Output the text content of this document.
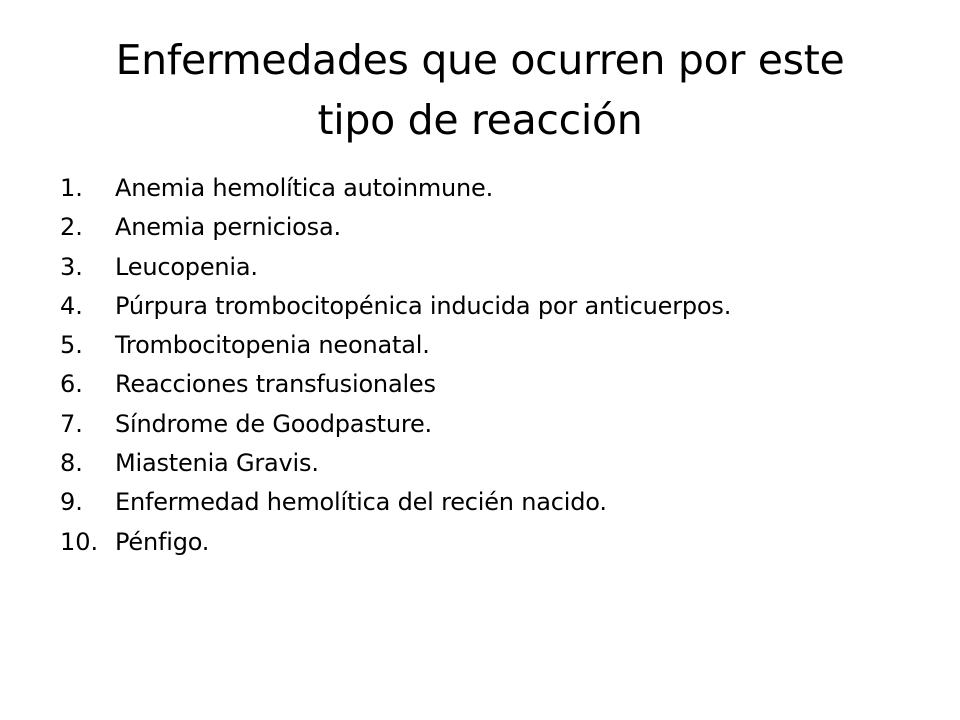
Enfermedades que ocurren por este
tipo de reacción
1.	Anemia hemolítica autoinmune.
2.	Anemia perniciosa.
3.	Leucopenia.
4.	Púrpura trombocitopénica inducida por anticuerpos.
5.	Trombocitopenia neonatal.
6.	Reacciones transfusionales
7.	Síndrome de Goodpasture.
8.	Miastenia Gravis.
9.	Enfermedad hemolítica del recién nacido.
10. Pénfigo.
